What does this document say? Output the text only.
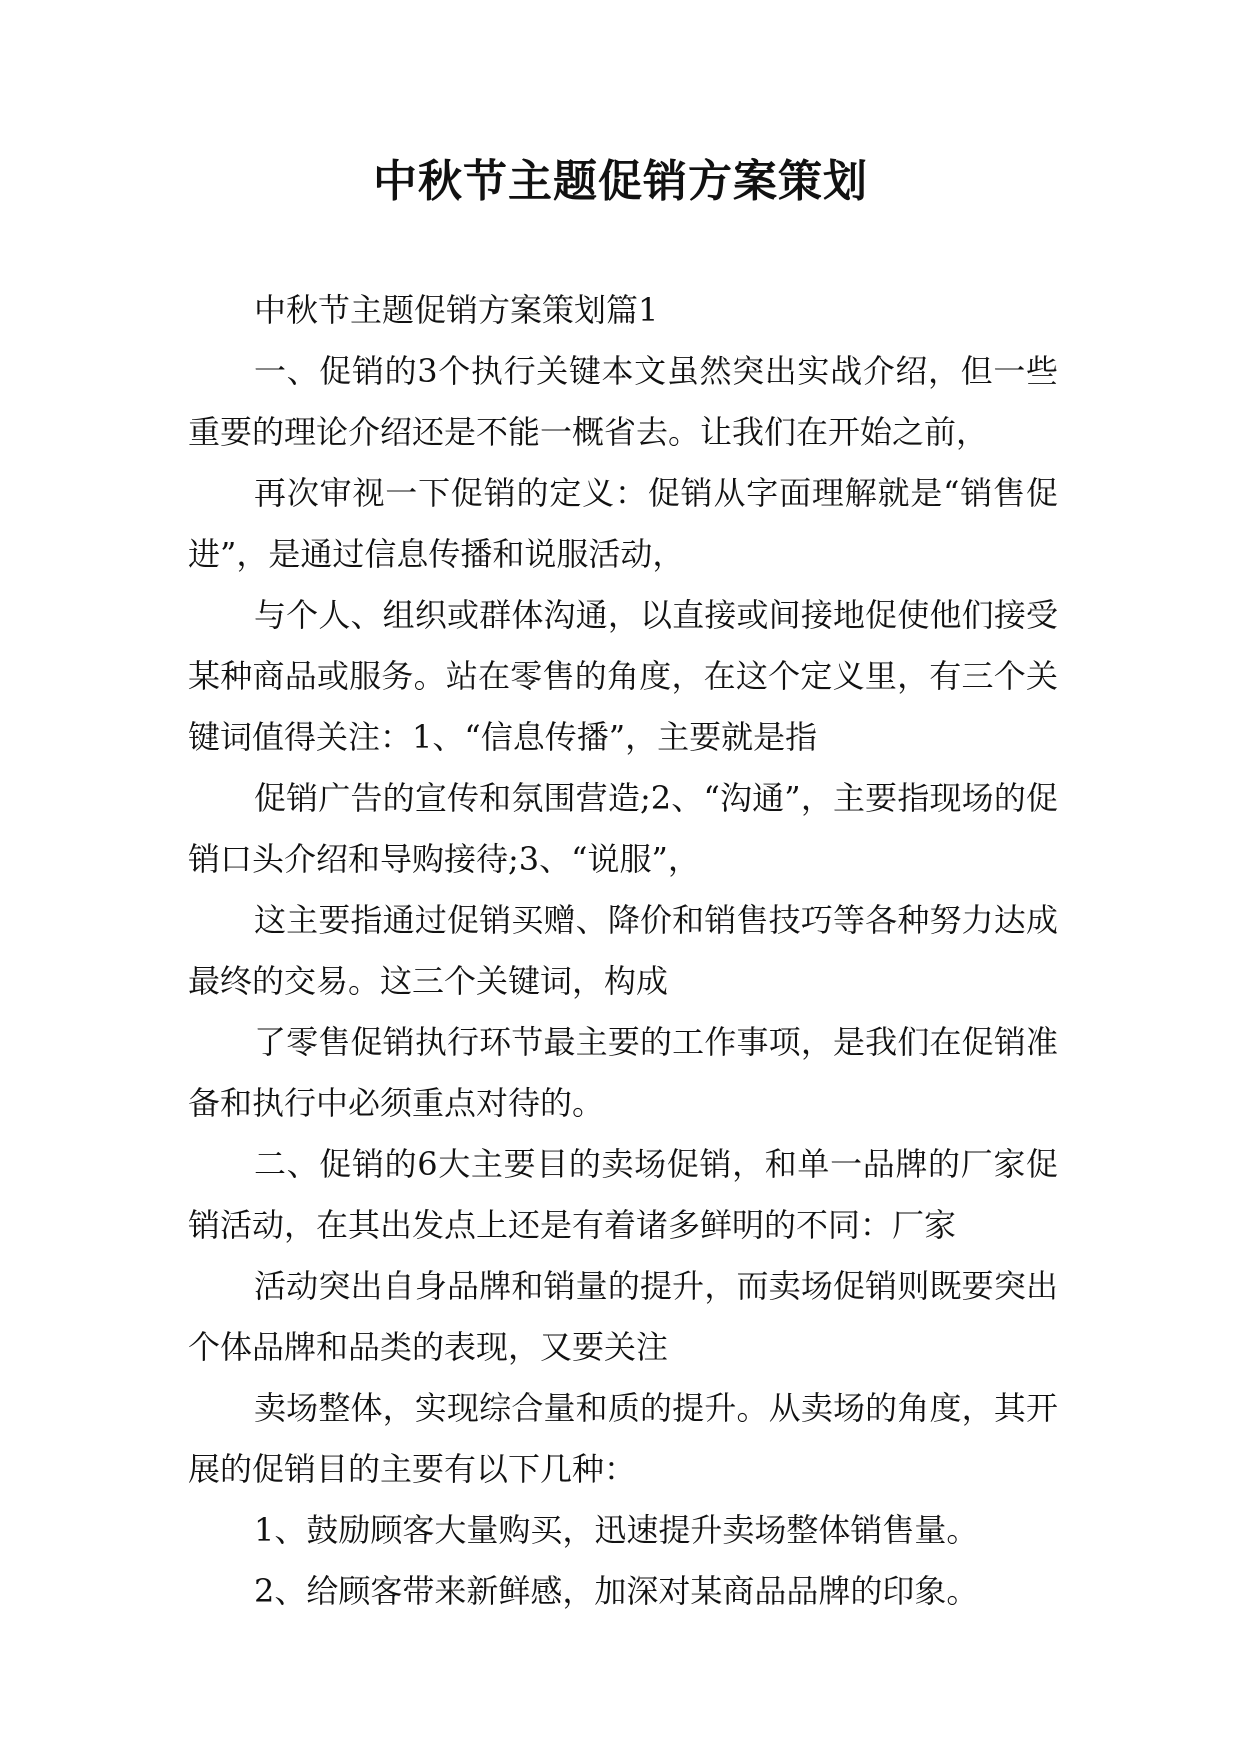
中秋节主题促销方案策划

中秋节主题促销方案策划篇1

一、促销的3个执行关键本文虽然突出实战介绍，但一些重要的理论介绍还是不能一概省去。让我们在开始之前，

再次审视一下促销的定义：促销从字面理解就是“销售促进”，是通过信息传播和说服活动，

与个人、组织或群体沟通，以直接或间接地促使他们接受某种商品或服务。站在零售的角度，在这个定义里，有三个关键词值得关注：1、“信息传播”，主要就是指

促销广告的宣传和氛围营造;2、“沟通”，主要指现场的促销口头介绍和导购接待;3、“说服”，

这主要指通过促销买赠、降价和销售技巧等各种努力达成最终的交易。这三个关键词，构成

了零售促销执行环节最主要的工作事项，是我们在促销准备和执行中必须重点对待的。

二、促销的6大主要目的卖场促销，和单一品牌的厂家促销活动，在其出发点上还是有着诸多鲜明的不同：厂家

活动突出自身品牌和销量的提升，而卖场促销则既要突出个体品牌和品类的表现，又要关注

卖场整体，实现综合量和质的提升。从卖场的角度，其开展的促销目的主要有以下几种：

1、鼓励顾客大量购买，迅速提升卖场整体销售量。

2、给顾客带来新鲜感，加深对某商品品牌的印象。
